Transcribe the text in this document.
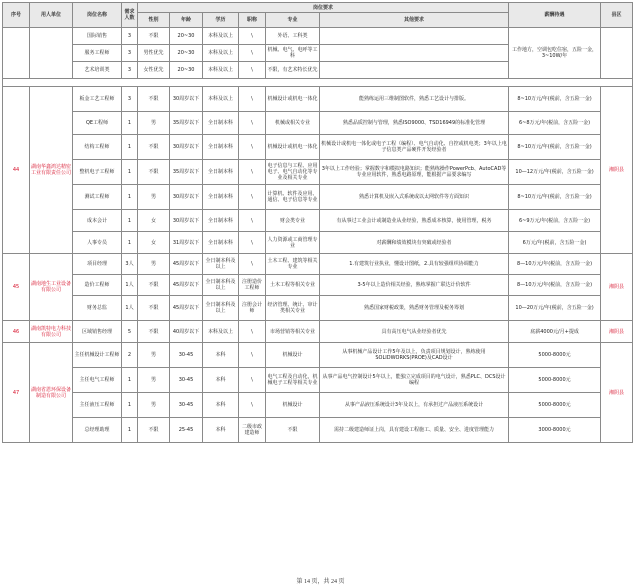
序号	用人单位	岗位名称	需求人数	岗位要求						薪酬待遇	县区
				性别	年龄	学历	职称	专业	其他要求		
		国际销售	3	不限	20~30	本科及以上	\	外语、工科类		工作地方，空调包吃住宿，五险一金，3~10W/年	
		服务工程师	3	男性优先	20~30	本科及以上	\	机械、电气、电呼等工科			
		艺术培训类	3	女性优先	20~30	本科及以上	\	不限，有艺术特长优先			

44	湖南华鑫鸿达精密工业有限责任公司	板金工艺工程师	3	不限	30周岁以下	本科及以上	\	机械设计或机电一体化	能熟练运用三维制图软件，熟悉工艺设计与排版。	8~10万元/年(税前，含五险一金)	湘阴县
		QE工程师	1	男	35周岁以下	全日制本科	\	机械或相关专业	熟悉品质控制与管理，熟悉ISO9000、TSD16949的标准化管理	6~8万元/年(税前，含五险一金)	
		结构工程师	1	不限	30周岁以下	全日制本科	\	机械设计或机电一体化	机械设计或机电一体化或电子工程（编程）、电气自动化、自控或机电类；3年以上电子信息类产品硬件开发经验者	8~10万元/年(税前，含五险一金)	
		整机电子工程师	1	不限	35周岁以下	全日制本科	\	电子信息与工程、应用电子、电气自动化等专业及相关专业	3年以上工作经验；掌握数字和模拟电路知识；能熟练操作PowerPcb、AutoCAD等专业应用软件，熟悉电路原理，能根据产品要求编写	10—12万元/年(税前，含五险一金)	
		测试工程师	1	男	30周岁以下	全日制本科	\	计算机、软件及应用、通信、电子信息等专业	熟悉计算机及嵌入式系统或以太网软件等方面知识	8~10万元/年(税前，含五险一金)	
		成本会计	1	女	30周岁以下	全日制本科	\	财会类专业	有从事过工业会计或制造业从业经验，熟悉成本核算，使用管理，税务	6~9万元/年(税前，含五险一金)	
		人事专员	1	女	31周岁以下	全日制本科	\	人力资源或工商管理专业	对薪酬和绩效模块有突破或经验者	6万元/年(税前，含五险一金)	
45	湖南地生工业设备有限公司	项目经理	3人	男	45周岁以下	全日制本科及以上	\	土木工程、建筑等相关专业	1.有建筑行业执业，懂设计图纸，2.具有较强组织协调能力	8—10万元/年(税前，含五险一金)	湘阴县
		造价工程师	1人	不限	45周岁以下	全日制本科及以上	注册造价工程师	土木工程等相关专业	3-5年以上造价相关经验，熟练掌握广联达计价软件	8—10万元/年(税前，含五险一金)	
		财务总监	1人	不限	45周岁以下	全日制本科及以上	注册会计师	经济管理、统计、审计类相关专业	熟悉国家财税政策，熟悉财务管理及税务筹划	10—20万元/年(税前，含五险一金)	
46	湖南凯特电力科技有限公司	区域销售经理	5	不限	40周岁以下	本科及以上	\	市场营销等相关专业	具有高压电气从业经验者优先	底薪4000元/月+提成	湘阴县
47	湖南省恩环保设备制造有限公司	主任机械设计工程师	2	男	30-45	本科	\	机械设计	从事机械产品设计工作5年及以上，负责项目规划设计，熟练使用SOLIDWORKS(PROE)及CAD设计	5000-8000元	湘阴县
		主任电气工程师	1	男	30-45	本科	\	电气工程及自动化，机械电子工程等相关专业	从事产品电气控制设计5年以上，能独立完成项目的电气设计，熟悉PLC、DCS设计编程	5000-8000元	
		主任液压工程师	1	男	30-45	本科	\	机械设计	从事产品液压系统设计3年及以上，有承担过产品液压系统设计	5000-8000元	
		总经理助理	1	不限	25-45	本科	二级市政建造师	不限	需持二级建造师证上岗，具有建设工程施工、质量、安全、进度管理能力	3000-8000元	
第 14 页，共 24 页
